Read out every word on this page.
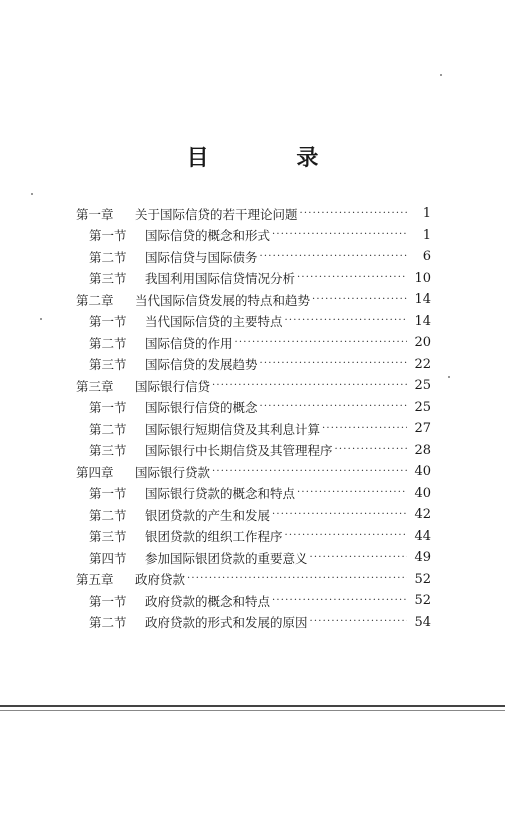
目 录
第一章	关于国际信贷的若干理论问题 ·····	1
第一节	国际信贷的概念和形式 ·····	1
第二节	国际信贷与国际债务 ·····	6
第三节	我国利用国际信贷情况分析 ·····	10
第二章	当代国际信贷发展的特点和趋势 ·····	14
第一节	当代国际信贷的主要特点 ·····	14
第二节	国际信贷的作用 ·····	20
第三节	国际信贷的发展趋势 ·····	22
第三章	国际银行信贷 ·····	25
第一节	国际银行信贷的概念 ·····	25
第二节	国际银行短期信贷及其利息计算 ·····	27
第三节	国际银行中长期信贷及其管理程序 ·····	28
第四章	国际银行贷款 ·····	40
第一节	国际银行贷款的概念和特点 ·····	40
第二节	银团贷款的产生和发展 ·····	42
第三节	银团贷款的组织工作程序 ·····	44
第四节	参加国际银团贷款的重要意义 ·····	49
第五章	政府贷款 ·····	52
第一节	政府贷款的概念和特点 ·····	52
第二节	政府贷款的形式和发展的原因 ·····	54
